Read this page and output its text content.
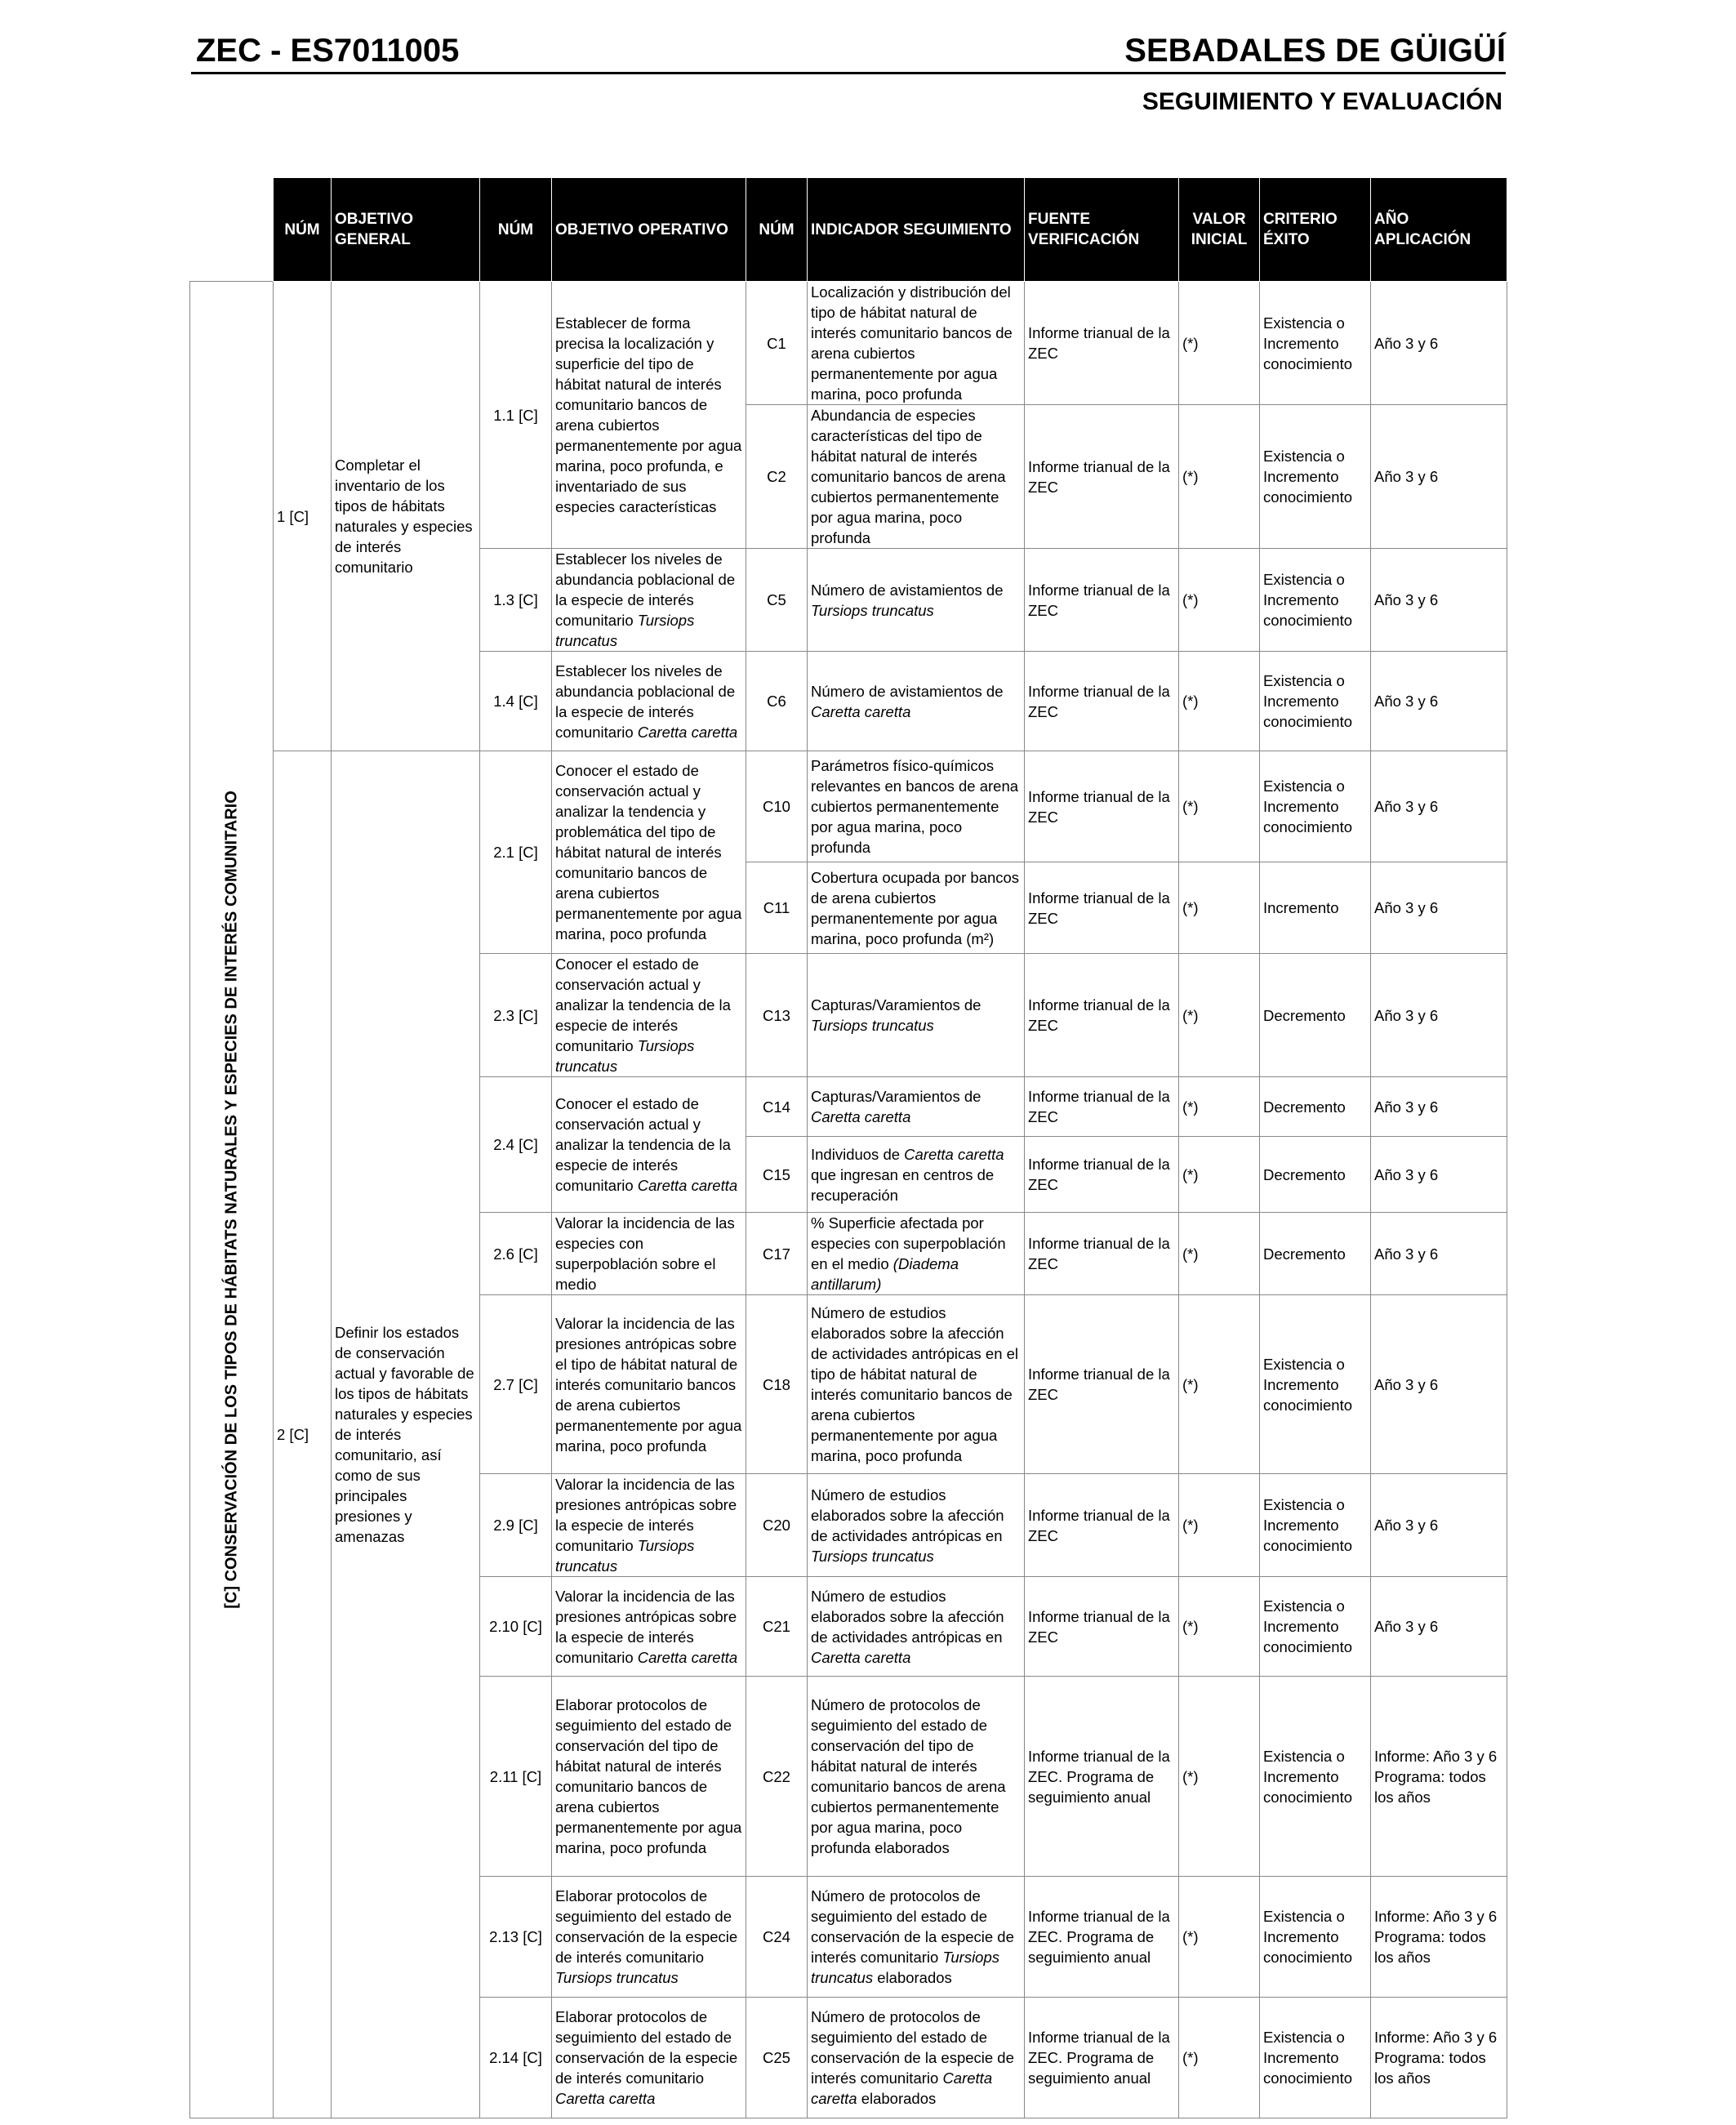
ZEC - ES7011005	SEBADALES DE GÜIGÜÍ
SEGUIMIENTO Y EVALUACIÓN
	NÚM	OBJETIVO GENERAL	NÚM	OBJETIVO OPERATIVO	NÚM	INDICADOR SEGUIMIENTO	FUENTE VERIFICACIÓN	VALOR INICIAL	CRITERIO ÉXITO	AÑO APLICACIÓN

[C] CONSERVACIÓN DE LOS TIPOS DE HÁBITATS NATURALES Y ESPECIES DE INTERÉS COMUNITARIO	1 [C]	Completar el inventario de los tipos de hábitats naturales y especies de interés comunitario	1.1 [C]	Establecer de forma precisa la localización y superficie del tipo de hábitat natural de interés comunitario bancos de arena cubiertos permanentemente por agua marina, poco profunda, e inventariado de sus especies características	C1	Localización y distribución del tipo de hábitat natural de interés comunitario bancos de arena cubiertos permanentemente por agua marina, poco profunda	Informe trianual de la ZEC	(*)	Existencia o Incremento conocimiento	Año 3 y 6
					C2	Abundancia de especies características del tipo de hábitat natural de interés comunitario bancos de arena cubiertos permanentemente por agua marina, poco profunda	Informe trianual de la ZEC	(*)	Existencia o Incremento conocimiento	Año 3 y 6
			1.3 [C]	Establecer los niveles de abundancia poblacional de la especie de interés comunitario Tursiops truncatus	C5	Número de avistamientos de Tursiops truncatus	Informe trianual de la ZEC	(*)	Existencia o Incremento conocimiento	Año 3 y 6
			1.4 [C]	Establecer los niveles de abundancia poblacional de la especie de interés comunitario Caretta caretta	C6	Número de avistamientos de Caretta caretta	Informe trianual de la ZEC	(*)	Existencia o Incremento conocimiento	Año 3 y 6
	2 [C]	Definir los estados de conservación actual y favorable de los tipos de hábitats naturales y especies de interés comunitario, así como de sus principales presiones y amenazas	2.1 [C]	Conocer el estado de conservación actual y analizar la tendencia y problemática del tipo de hábitat natural de interés comunitario bancos de arena cubiertos permanentemente por agua marina, poco profunda	C10	Parámetros físico-químicos relevantes en bancos de arena cubiertos permanentemente por agua marina, poco profunda	Informe trianual de la ZEC	(*)	Existencia o Incremento conocimiento	Año 3 y 6
					C11	Cobertura ocupada por bancos de arena cubiertos permanentemente por agua marina, poco profunda (m²)	Informe trianual de la ZEC	(*)	Incremento	Año 3 y 6
			2.3 [C]	Conocer el estado de conservación actual y analizar la tendencia de la especie de interés comunitario Tursiops truncatus	C13	Capturas/Varamientos de Tursiops truncatus	Informe trianual de la ZEC	(*)	Decremento	Año 3 y 6
			2.4 [C]	Conocer el estado de conservación actual y analizar la tendencia de la especie de interés comunitario Caretta caretta	C14	Capturas/Varamientos de Caretta caretta	Informe trianual de la ZEC	(*)	Decremento	Año 3 y 6
					C15	Individuos de Caretta caretta que ingresan en centros de recuperación	Informe trianual de la ZEC	(*)	Decremento	Año 3 y 6
			2.6 [C]	Valorar la incidencia de las especies con superpoblación sobre el medio	C17	% Superficie afectada por especies con superpoblación en el medio (Diadema antillarum)	Informe trianual de la ZEC	(*)	Decremento	Año 3 y 6
			2.7 [C]	Valorar la incidencia de las presiones antrópicas sobre el tipo de hábitat natural de interés comunitario bancos de arena cubiertos permanentemente por agua marina, poco profunda	C18	Número de estudios elaborados sobre la afección de actividades antrópicas en el tipo de hábitat natural de interés comunitario bancos de arena cubiertos permanentemente por agua marina, poco profunda	Informe trianual de la ZEC	(*)	Existencia o Incremento conocimiento	Año 3 y 6
			2.9 [C]	Valorar la incidencia de las presiones antrópicas sobre la especie de interés comunitario Tursiops truncatus	C20	Número de estudios elaborados sobre la afección de actividades antrópicas en Tursiops truncatus	Informe trianual de la ZEC	(*)	Existencia o Incremento conocimiento	Año 3 y 6
			2.10 [C]	Valorar la incidencia de las presiones antrópicas sobre la especie de interés comunitario Caretta caretta	C21	Número de estudios elaborados sobre la afección de actividades antrópicas en Caretta caretta	Informe trianual de la ZEC	(*)	Existencia o Incremento conocimiento	Año 3 y 6
			2.11 [C]	Elaborar protocolos de seguimiento del estado de conservación del tipo de hábitat natural de interés comunitario bancos de arena cubiertos permanentemente por agua marina, poco profunda	C22	Número de protocolos de seguimiento del estado de conservación del tipo de hábitat natural de interés comunitario bancos de arena cubiertos permanentemente por agua marina, poco profunda elaborados	Informe trianual de la ZEC. Programa de seguimiento anual	(*)	Existencia o Incremento conocimiento	Informe: Año 3 y 6 Programa: todos los años
			2.13 [C]	Elaborar protocolos de seguimiento del estado de conservación de la especie de interés comunitario Tursiops truncatus	C24	Número de protocolos de seguimiento del estado de conservación de la especie de interés comunitario Tursiops truncatus elaborados	Informe trianual de la ZEC. Programa de seguimiento anual	(*)	Existencia o Incremento conocimiento	Informe: Año 3 y 6 Programa: todos los años
			2.14 [C]	Elaborar protocolos de seguimiento del estado de conservación de la especie de interés comunitario Caretta caretta	C25	Número de protocolos de seguimiento del estado de conservación de la especie de interés comunitario Caretta caretta elaborados	Informe trianual de la ZEC. Programa de seguimiento anual	(*)	Existencia o Incremento conocimiento	Informe: Año 3 y 6 Programa: todos los años
